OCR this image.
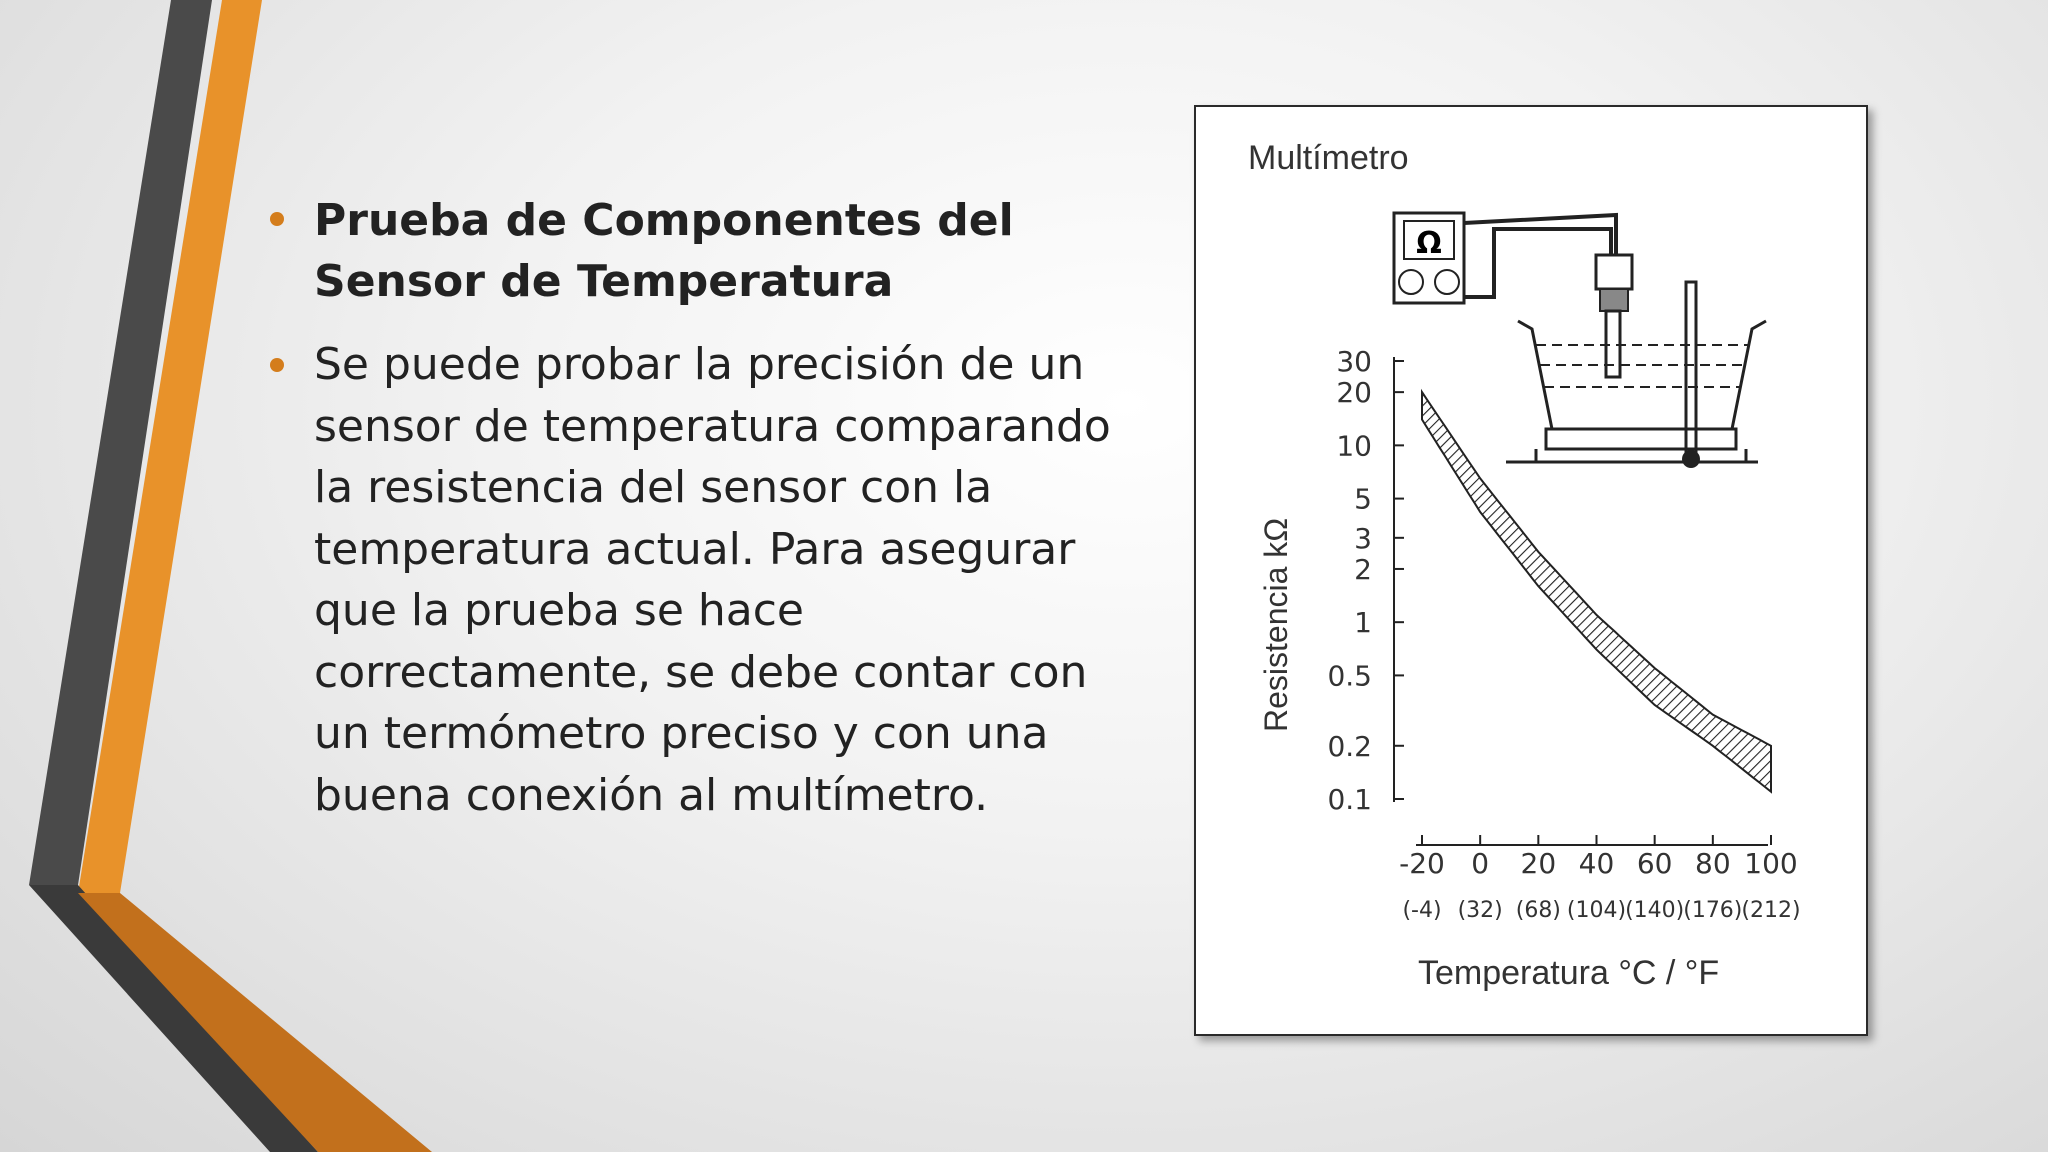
Prueba de Componentes del Sensor de Temperatura
Se puede probar la precisión de un sensor de temperatura comparando la resistencia del sensor con la temperatura actual. Para asegurar que la prueba se hace correctamente, se debe contar con un termómetro preciso y con una buena conexión al multímetro.
Ω
30
20
10
5
3
2
1
0.5
0.2
0.1
-20 0 20 40 60 80 100
(-4) (32) (68) (104)
(140)
(176)
(212)
Multímetro
Resistencia kΩ
Temperatura °C / °F
